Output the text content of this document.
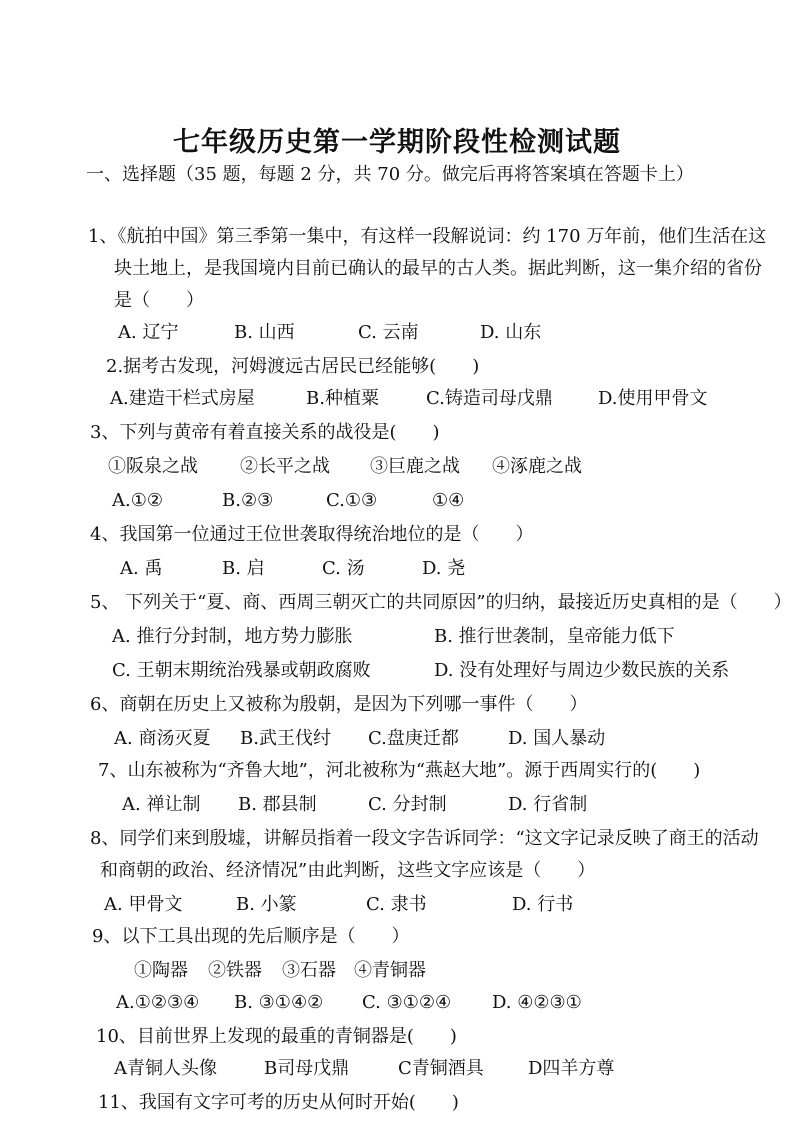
七年级历史第一学期阶段性检测试题
一、选择题（35 题，每题 2 分，共 70 分。做完后再将答案填在答题卡上）
1、《航拍中国》第三季第一集中，有这样一段解说词：约 170 万年前，他们生活在这
块土地上，是我国境内目前已确认的最早的古人类。据此判断，这一集介绍的省份
是（　　）
A. 辽宁	B. 山西	C. 云南	D. 山东
2.据考古发现，河姆渡远古居民已经能够(　　)
A.建造干栏式房屋	B.种植粟	C.铸造司母戊鼎	D.使用甲骨文
3、下列与黄帝有着直接关系的战役是(　　)
①阪泉之战 ②长平之战 ③巨鹿之战 ④涿鹿之战
A.①②	B.②③	C.①③	①④
4、我国第一位通过王位世袭取得统治地位的是（　　）
A. 禹	B. 启	C. 汤	D. 尧
5、 下列关于“夏、商、西周三朝灭亡的共同原因”的归纳，最接近历史真相的是（　　）
A. 推行分封制，地方势力膨胀	B. 推行世袭制，皇帝能力低下
C. 王朝末期统治残暴或朝政腐败	D. 没有处理好与周边少数民族的关系
6、商朝在历史上又被称为殷朝，是因为下列哪一事件（　　）
A. 商汤灭夏 B.武王伐纣 C.盘庚迁都	D. 国人暴动
7、山东被称为“齐鲁大地”，河北被称为“燕赵大地”。源于西周实行的(　　)
A. 禅让制 B. 郡县制	C. 分封制	D. 行省制
8、同学们来到殷墟，讲解员指着一段文字告诉同学：“这文字记录反映了商王的活动
和商朝的政治、经济情况”由此判断，这些文字应该是（　　）
A. 甲骨文	B. 小篆	C. 隶书	D. 行书
9、以下工具出现的先后顺序是（　　）
①陶器 ②铁器 ③石器 ④青铜器
A.①②③④ B. ③①④② C. ③①②④ D. ④②③①
10、目前世界上发现的最重的青铜器是(　　)
A青铜人头像	B司母戊鼎	C青铜酒具 D四羊方尊
11、我国有文字可考的历史从何时开始(　　)
